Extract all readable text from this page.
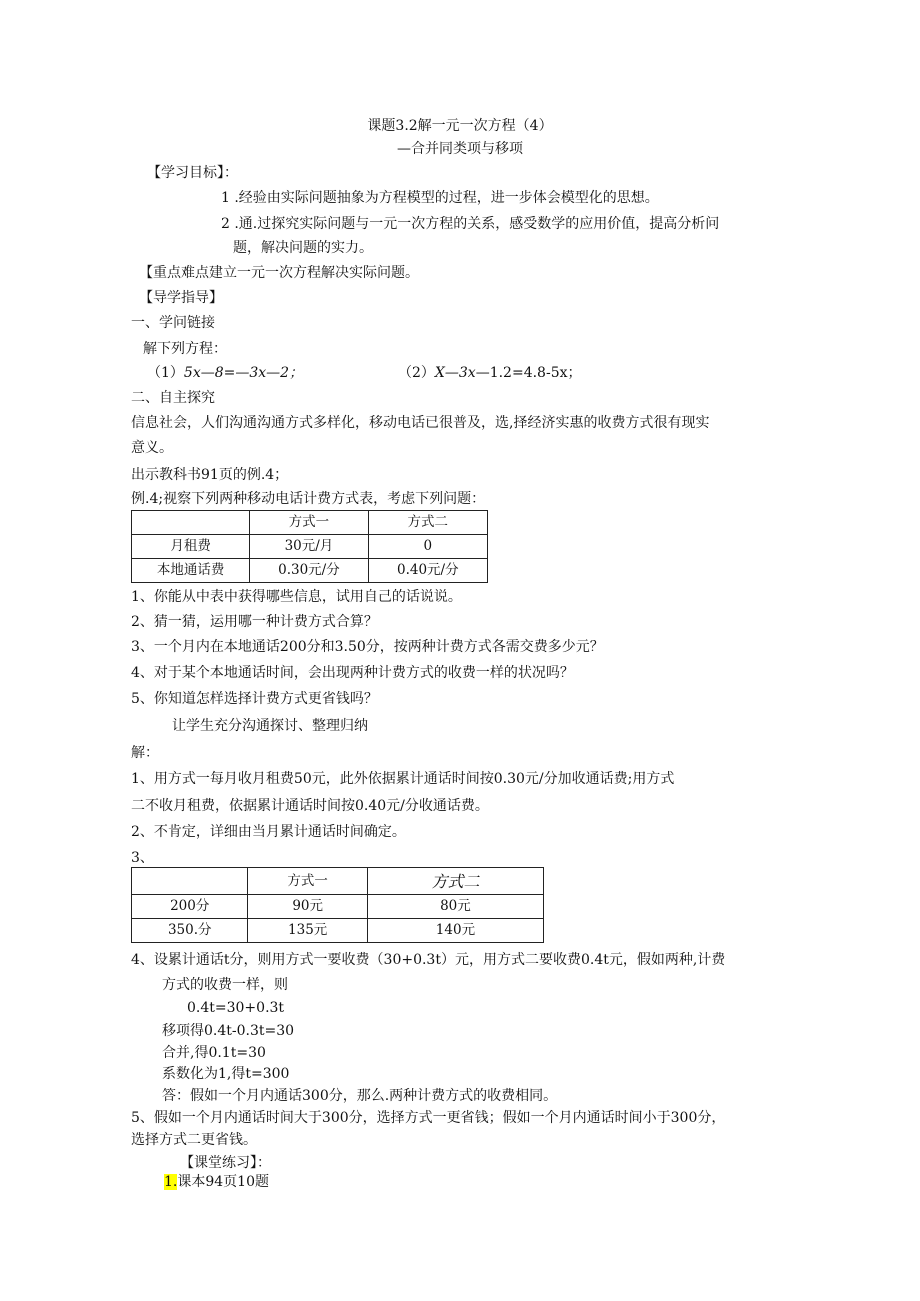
课题3.2解一元一次方程（4）
—合并同类项与移项
【学习目标】：
1 .经验由实际问题抽象为方程模型的过程，进一步体会模型化的思想。
2 .通.过探究实际问题与一元一次方程的关系，感受数学的应用价值，提高分析问
题，解决问题的实力。
【重点难点建立一元一次方程解决实际问题。
【导学指导】
一、学问链接
解下列方程：
（1）5x—8=—3x—2；	（2）X—3x—1.2=4.8-5x；
二、自主探究
信息社会，人们沟通沟通方式多样化，移动电话已很普及，选,择经济实惠的收费方式很有现实
意义。
出示教科书91页的例.4；
例.4;视察下列两种移动电话计费方式表，考虑下列问题：
	方式一	方式二
月租费	30元/月	0
本地通话费	0.30元/分	0.40元/分
1、你能从中表中获得哪些信息，试用自己的话说说。
2、猜一猜，运用哪一种计费方式合算？
3、一个月内在本地通话200分和3.50分，按两种计费方式各需交费多少元？
4、对于某个本地通话时间，会出现两种计费方式的收费一样的状况吗？
5、你知道怎样选择计费方式更省钱吗？
让学生充分沟通探讨、整理归纳
解：
1、用方式一每月收月租费50元，此外依据累计通话时间按0.30元/分加收通话费;用方式
二不收月租费，依据累计通话时间按0.40元/分收通话费。
2、不肯定，详细由当月累计通话时间确定。
3、
	方式一	方式二
200分	90元	80元
350.分	135元	140元
4、设累计通话t分，则用方式一要收费（30+0.3t）元，用方式二要收费0.4t元，假如两种,计费
方式的收费一样，则
0.4t=30+0.3t
移项得0.4t-0.3t=30
合并,得0.1t=30
系数化为1,得t=300
答：假如一个月内通话300分，那么.两种计费方式的收费相同。
5、假如一个月内通话时间大于300分，选择方式一更省钱；假如一个月内通话时间小于300分，
选择方式二更省钱。
【课堂练习】：
1.课本94页10题
